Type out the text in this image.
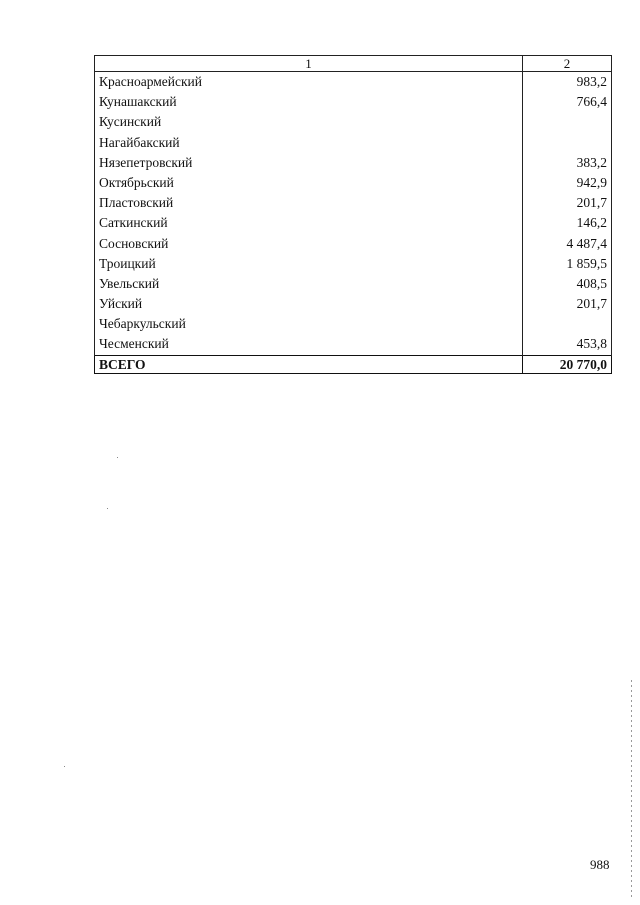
1	2
Красноармейский	983,2
Кунашакский	766,4
Кусинский	
Нагайбакский	
Нязепетровский	383,2
Октябрьский	942,9
Пластовский	201,7
Саткинский	146,2
Сосновский	4 487,4
Троицкий	1 859,5
Увельский	408,5
Уйский	201,7
Чебаркульский	
Чесменский	453,8
ВСЕГО	20 770,0
988
